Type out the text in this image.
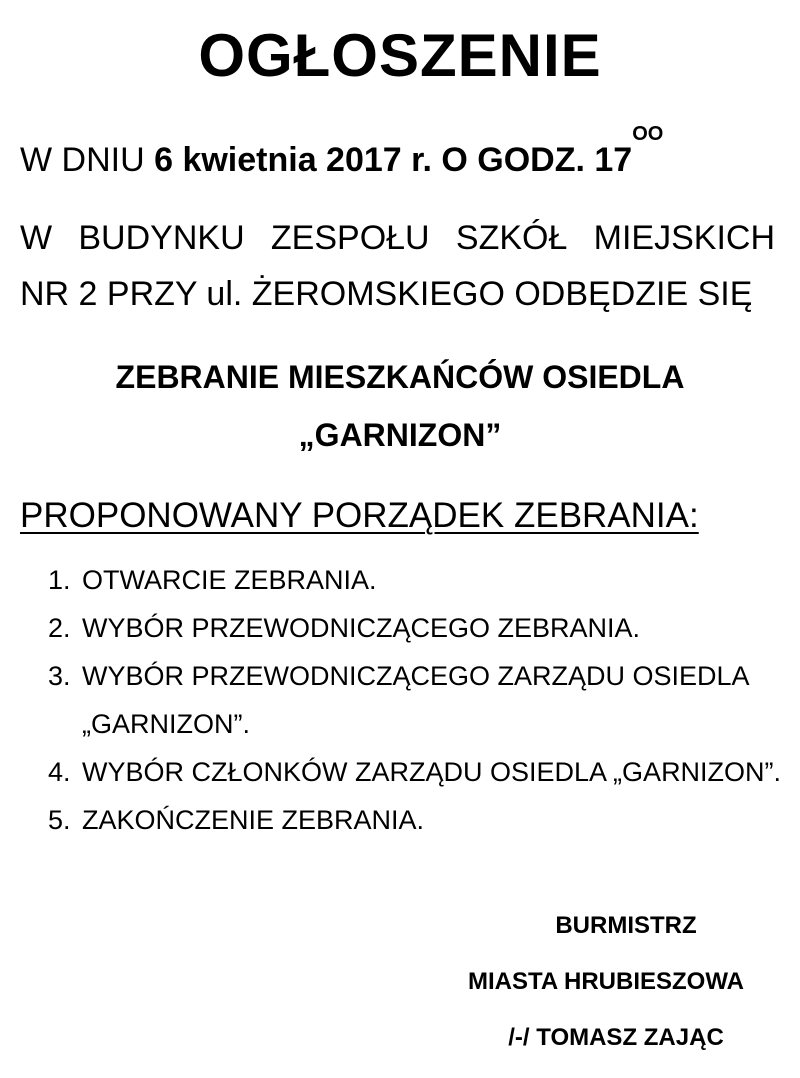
OGŁOSZENIE

W DNIU 6 kwietnia 2017 r. O GODZ. $17^{OO}$

W BUDYNKU ZESPOŁU SZKÓŁ MIEJSKICH
NR 2 PRZY ul. ŻEROMSKIEGO ODBĘDZIE SIĘ

ZEBRANIE MIESZKAŃCÓW OSIEDLA
„GARNIZON”

PROPONOWANY PORZĄDEK ZEBRANIA:

1. OTWARCIE ZEBRANIA.
2. WYBÓR PRZEWODNICZĄCEGO ZEBRANIA.
3. WYBÓR PRZEWODNICZĄCEGO ZARZĄDU OSIEDLA „GARNIZON”.
4. WYBÓR CZŁONKÓW ZARZĄDU OSIEDLA „GARNIZON”.
5. ZAKOŃCZENIE ZEBRANIA.
BURMISTRZ
MIASTA HRUBIESZOWA
/-/ TOMASZ ZAJĄC
